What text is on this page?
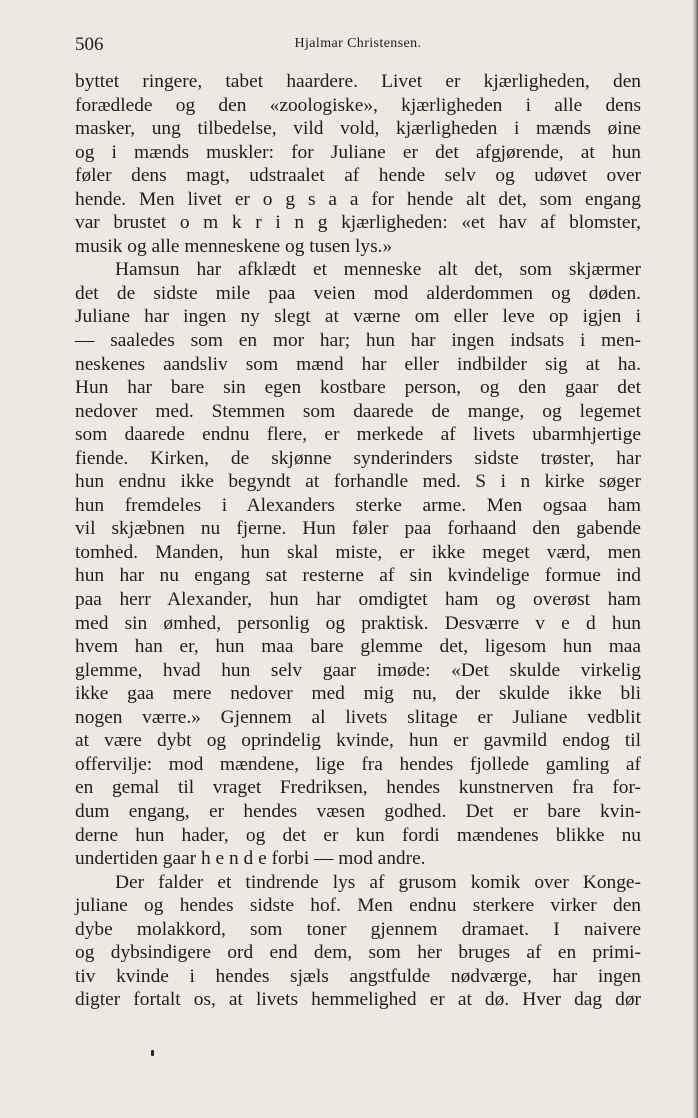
506	Hjalmar Christensen.
byttet ringere, tabet haardere. Livet er kjærligheden, den
forædlede og den «zoologiske», kjærligheden i alle dens
masker, ung tilbedelse, vild vold, kjærligheden i mænds øine
og i mænds muskler: for Juliane er det afgjørende, at hun
føler dens magt, udstraalet af hende selv og udøvet over
hende. Men livet er o g s a a for hende alt det, som engang
var brustet o m k r i n g kjærligheden: «et hav af blomster,
musik og alle menneskene og tusen lys.»
Hamsun har afklædt et menneske alt det, som skjærmer
det de sidste mile paa veien mod alderdommen og døden.
Juliane har ingen ny slegt at værne om eller leve op igjen i
— saaledes som en mor har; hun har ingen indsats i men-
neskenes aandsliv som mænd har eller indbilder sig at ha.
Hun har bare sin egen kostbare person, og den gaar det
nedover med. Stemmen som daarede de mange, og legemet
som daarede endnu flere, er merkede af livets ubarmhjertige
fiende. Kirken, de skjønne synderinders sidste trøster, har
hun endnu ikke begyndt at forhandle med. S i n kirke søger
hun fremdeles i Alexanders sterke arme. Men ogsaa ham
vil skjæbnen nu fjerne. Hun føler paa forhaand den gabende
tomhed. Manden, hun skal miste, er ikke meget værd, men
hun har nu engang sat resterne af sin kvindelige formue ind
paa herr Alexander, hun har omdigtet ham og overøst ham
med sin ømhed, personlig og praktisk. Desværre v e d hun
hvem han er, hun maa bare glemme det, ligesom hun maa
glemme, hvad hun selv gaar imøde: «Det skulde virkelig
ikke gaa mere nedover med mig nu, der skulde ikke bli
nogen værre.» Gjennem al livets slitage er Juliane vedblit
at være dybt og oprindelig kvinde, hun er gavmild endog til
offervilje: mod mændene, lige fra hendes fjollede gamling af
en gemal til vraget Fredriksen, hendes kunstnerven fra for-
dum engang, er hendes væsen godhed. Det er bare kvin-
derne hun hader, og det er kun fordi mændenes blikke nu
undertiden gaar h e n d e forbi — mod andre.
Der falder et tindrende lys af grusom komik over Konge-
juliane og hendes sidste hof. Men endnu sterkere virker den
dybe molakkord, som toner gjennem dramaet. I naivere
og dybsindigere ord end dem, som her bruges af en primi-
tiv kvinde i hendes sjæls angstfulde nødværge, har ingen
digter fortalt os, at livets hemmelighed er at dø. Hver dag dør
